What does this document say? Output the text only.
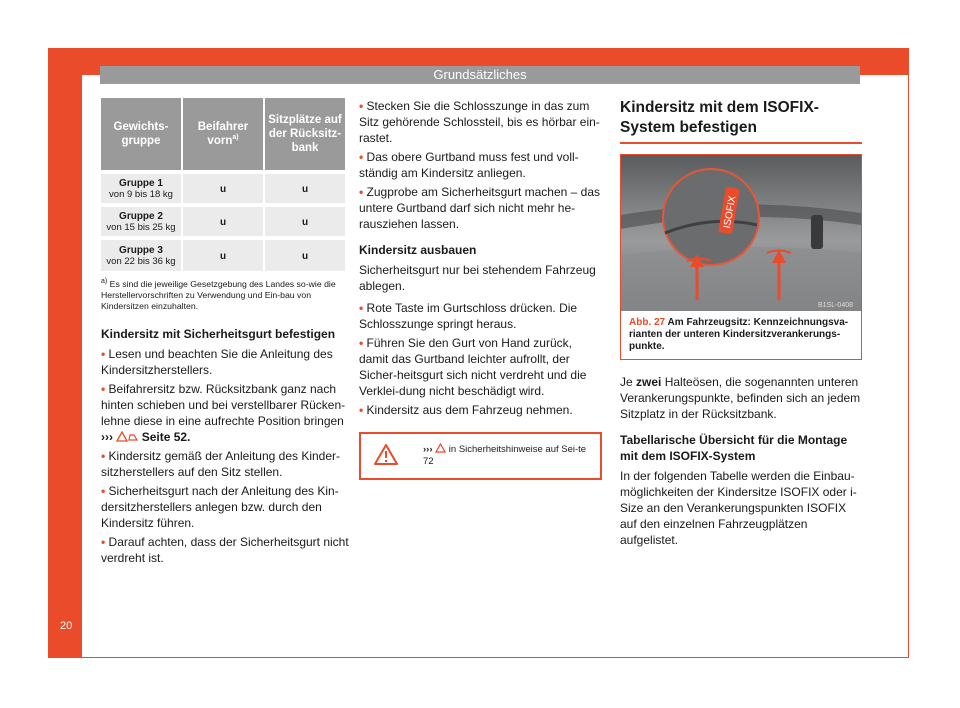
Grundsätzliches
20
Gewichts-gruppe	Beifahrer vorn$^{a)}$	Sitzplätze auf der Rücksitz-bank

Gruppe 1
von 9 bis 18 kg	u	u

Gruppe 2
von 15 bis 25 kg	u	u

Gruppe 3
von 22 bis 36 kg	u	u
$^{a)}$ Es sind die jeweilige Gesetzgebung des Landes so-wie die Herstellervorschriften zu Verwendung und Ein-bau von Kindersitzen einzuhalten.
Kindersitz mit Sicherheitsgurt befestigen

• Lesen und beachten Sie die Anleitung des Kindersitzherstellers.

• Beifahrersitz bzw. Rücksitzbank ganz nach hinten schieben und bei verstellbarer Rücken-lehne diese in eine aufrechte Position bringen ››› Seite 52.

• Kindersitz gemäß der Anleitung des Kinder-sitzherstellers auf den Sitz stellen.

• Sicherheitsgurt nach der Anleitung des Kin-dersitzherstellers anlegen bzw. durch den Kindersitz führen.

• Darauf achten, dass der Sicherheitsgurt nicht verdreht ist.

• Stecken Sie die Schlosszunge in das zum Sitz gehörende Schlossteil, bis es hörbar ein-rastet.

• Das obere Gurtband muss fest und voll-ständig am Kindersitz anliegen.

• Zugprobe am Sicherheitsgurt machen – das untere Gurtband darf sich nicht mehr he-rausziehen lassen.

Kindersitz ausbauen

Sicherheitsgurt nur bei stehendem Fahrzeug ablegen.

• Rote Taste im Gurtschloss drücken. Die Schlosszunge springt heraus.

• Führen Sie den Gurt von Hand zurück, damit das Gurtband leichter aufrollt, der Sicher-heitsgurt sich nicht verdreht und die Verklei-dung nicht beschädigt wird.

• Kindersitz aus dem Fahrzeug nehmen.

››› in Sicherheitshinweise auf Sei-te 72
Kindersitz mit dem ISOFIX-System befestigen
ISOFIX
B1SL-0408
Abb. 27 Am Fahrzeugsitz: Kennzeichnungsva-rianten der unteren Kindersitzverankerungs-punkte.

Je zwei Halteösen, die sogenannten unteren Verankerungspunkte, befinden sich an jedem Sitzplatz in der Rücksitzbank.

Tabellarische Übersicht für die Montage mit dem ISOFIX-System

In der folgenden Tabelle werden die Einbau-möglichkeiten der Kindersitze ISOFIX oder i-Size an den Verankerungspunkten ISOFIX auf den einzelnen Fahrzeugplätzen aufgelistet.
